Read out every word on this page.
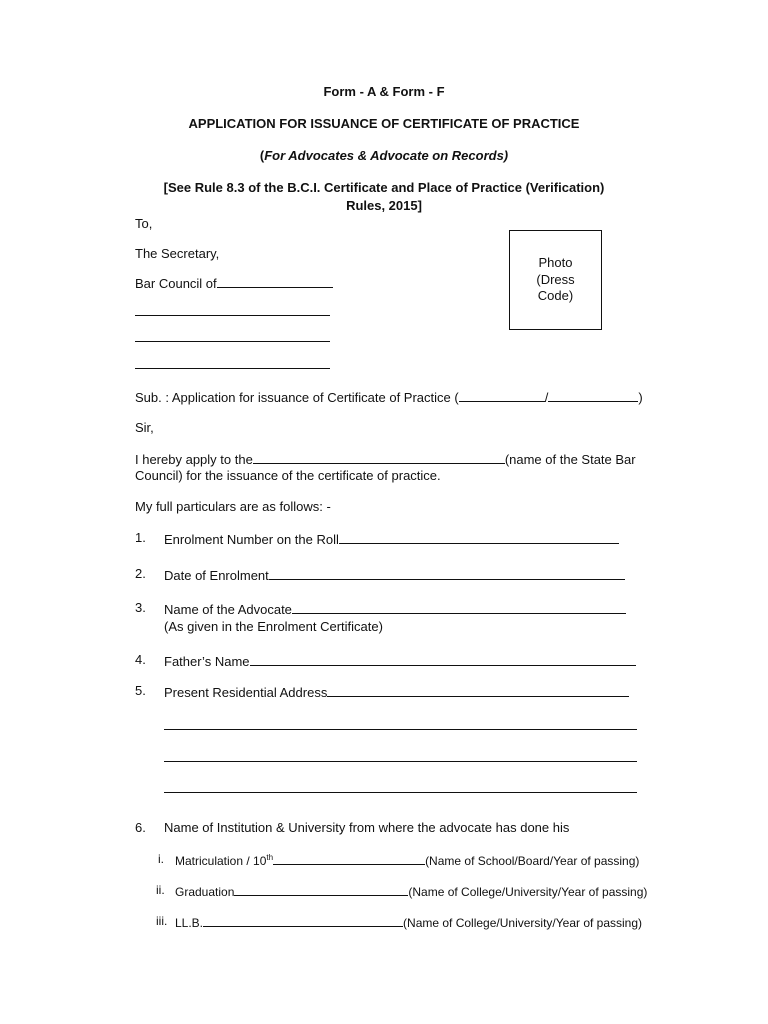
Form - A & Form - F
APPLICATION FOR ISSUANCE OF CERTIFICATE OF PRACTICE
(For Advocates & Advocate on Records)
[See Rule 8.3 of the B.C.I. Certificate and Place of Practice (Verification)
Rules, 2015]
To,
The Secretary,
Bar Council of
Photo
(Dress
Code)
Sub. : Application for issuance of Certificate of Practice (	/	)
Sir,
I hereby apply to the	(name of the State Bar
Council) for the issuance of the certificate of practice.
My full particulars are as follows: -
1. Enrolment Number on the Roll
2. Date of Enrolment
3. Name of the Advocate
(As given in the Enrolment Certificate)
4. Father’s Name
5. Present Residential Address
6. Name of Institution & University from where the advocate has done his
i. Matriculation / 10th	(Name of School/Board/Year of passing)
ii. Graduation	(Name of College/University/Year of passing)
iii. LL.B.	(Name of College/University/Year of passing)
